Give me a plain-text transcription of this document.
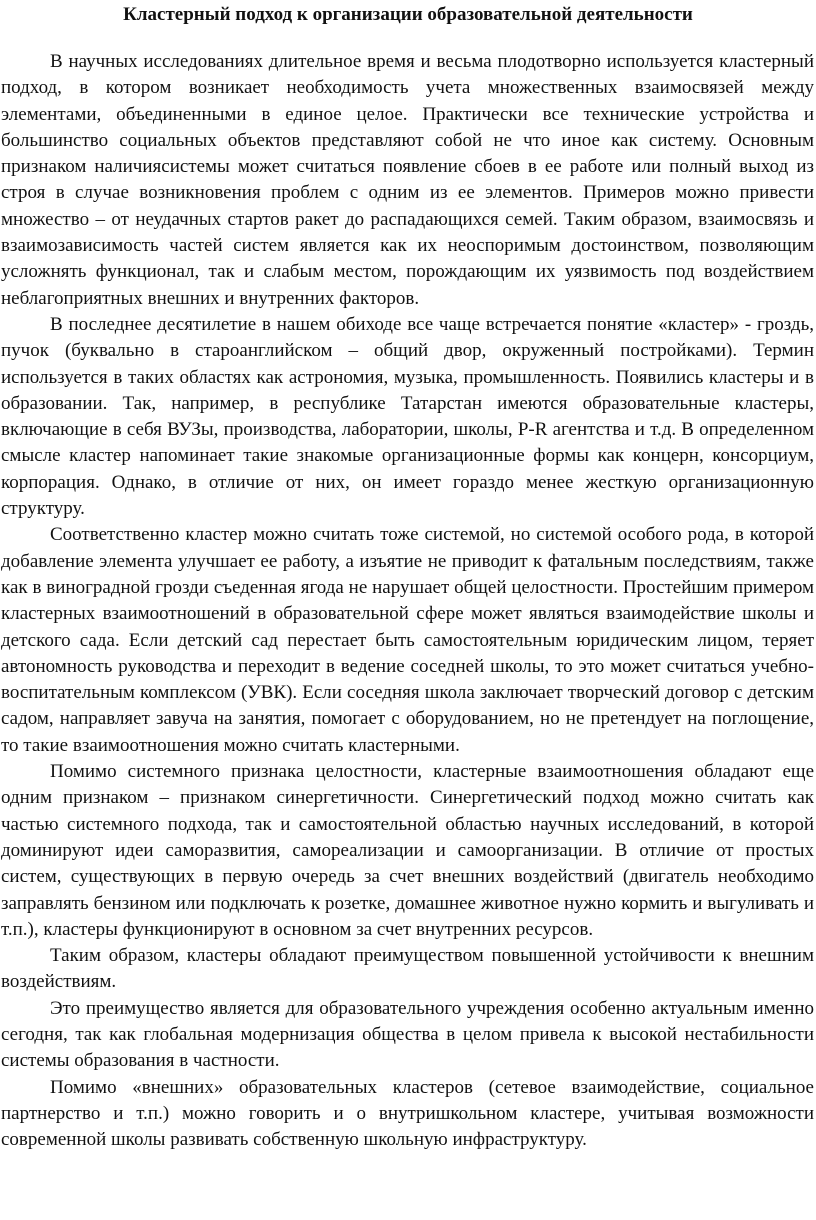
Кластерный подход к организации образовательной деятельности

В научных исследованиях длительное время и весьма плодотворно используется кластерный подход, в котором возникает необходимость учета множественных взаимосвязей между элементами, объединенными в единое целое. Практически все технические устройства и большинство социальных объектов представляют собой не что иное как систему. Основным признаком наличиясистемы может считаться появление сбоев в ее работе или полный выход из строя в случае возникновения проблем с одним из ее элементов. Примеров можно привести множество – от неудачных стартов ракет до распадающихся семей. Таким образом, взаимосвязь и взаимозависимость частей систем является как их неоспоримым достоинством, позволяющим усложнять функционал, так и слабым местом, порождающим их уязвимость под воздействием неблагоприятных внешних и внутренних факторов.

В последнее десятилетие в нашем обиходе все чаще встречается понятие «кластер» - гроздь, пучок (буквально в староанглийском – общий двор, окруженный постройками). Термин используется в таких областях как астрономия, музыка, промышленность. Появились кластеры и в образовании. Так, например, в республике Татарстан имеются образовательные кластеры, включающие в себя ВУЗы, производства, лаборатории, школы, P-R агентства и т.д. В определенном смысле кластер напоминает такие знакомые организационные формы как концерн, консорциум, корпорация. Однако, в отличие от них, он имеет гораздо менее жесткую организационную структуру.

Соответственно кластер можно считать тоже системой, но системой особого рода, в которой добавление элемента улучшает ее работу, а изъятие не приводит к фатальным последствиям, также как в виноградной грозди съеденная ягода не нарушает общей целостности. Простейшим примером кластерных взаимоотношений в образовательной сфере может являться взаимодействие школы и детского сада. Если детский сад перестает быть самостоятельным юридическим лицом, теряет автономность руководства и переходит в ведение соседней школы, то это может считаться учебно-воспитательным комплексом (УВК). Если соседняя школа заключает творческий договор с детским садом, направляет завуча на занятия, помогает с оборудованием, но не претендует на поглощение, то такие взаимоотношения можно считать кластерными.

Помимо системного признака целостности, кластерные взаимоотношения обладают еще одним признаком – признаком синергетичности. Синергетический подход можно считать как частью системного подхода, так и самостоятельной областью научных исследований, в которой доминируют идеи саморазвития, самореализации и самоорганизации. В отличие от простых систем, существующих в первую очередь за счет внешних воздействий (двигатель необходимо заправлять бензином или подключать к розетке, домашнее животное нужно кормить и выгуливать и т.п.), кластеры функционируют в основном за счет внутренних ресурсов.

Таким образом, кластеры обладают преимуществом повышенной устойчивости к внешним воздействиям.

Это преимущество является для образовательного учреждения особенно актуальным именно сегодня, так как глобальная модернизация общества в целом привела к высокой нестабильности системы образования в частности.

Помимо «внешних» образовательных кластеров (сетевое взаимодействие, социальное партнерство и т.п.) можно говорить и о внутришкольном кластере, учитывая возможности современной школы развивать собственную школьную инфраструктуру.
